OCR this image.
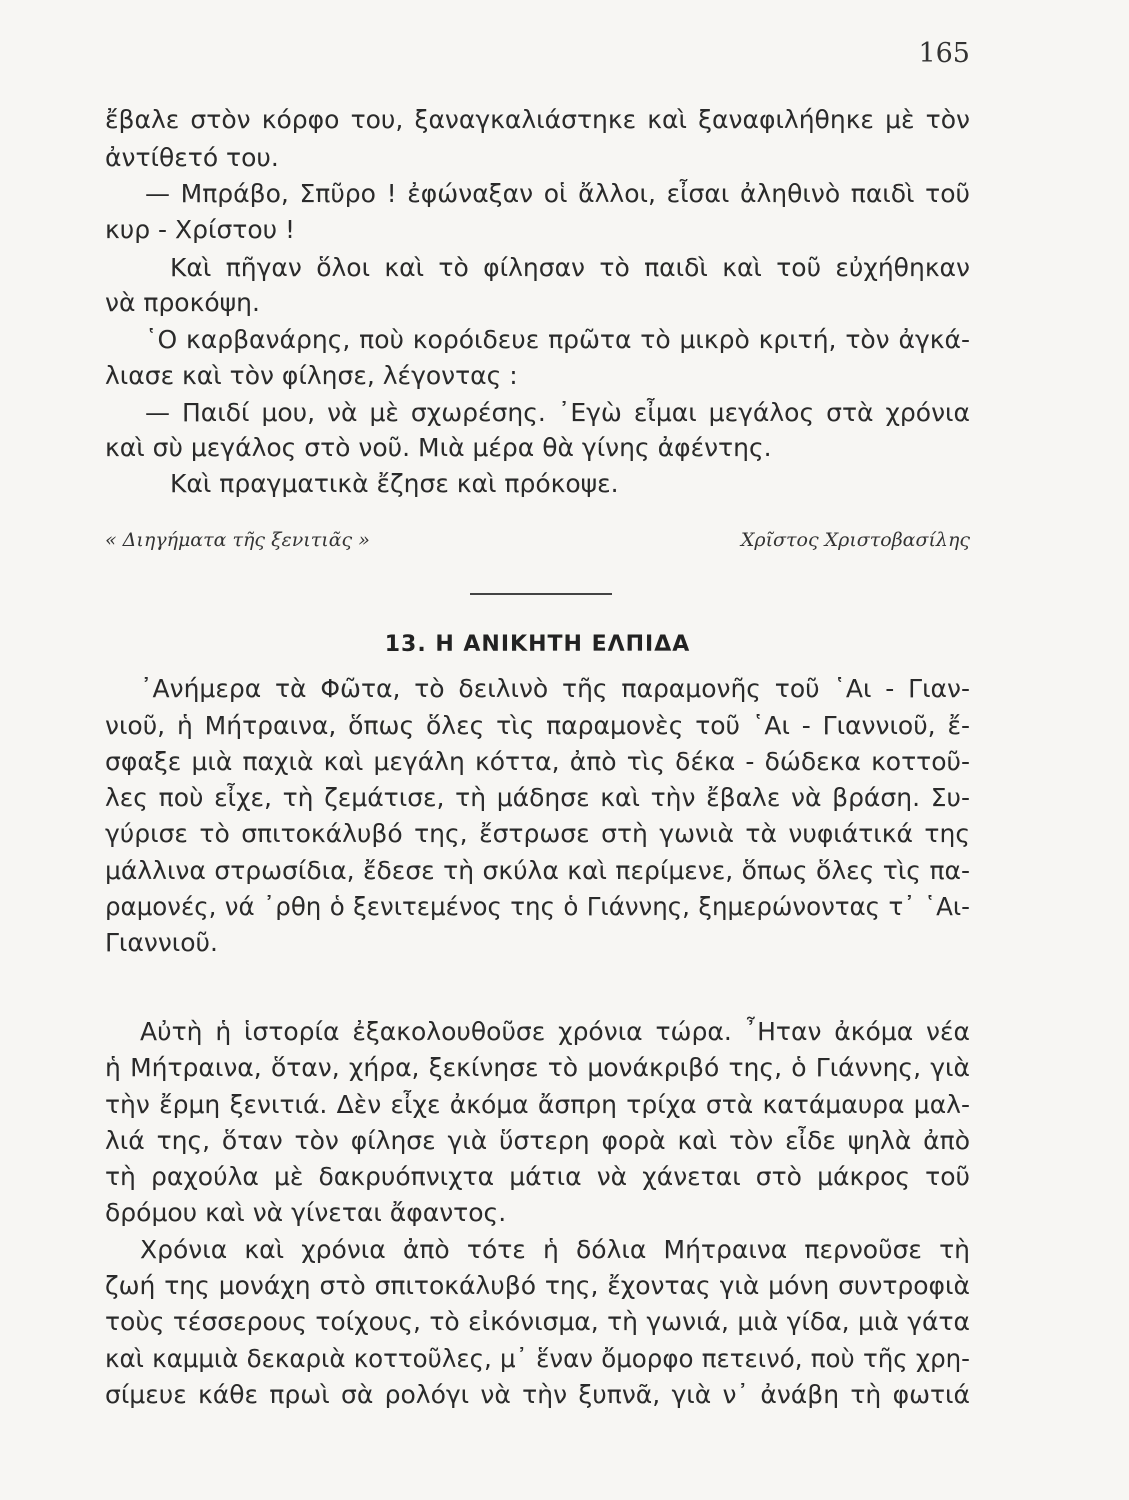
165
ἔβαλε στὸν κόρφο του, ξαναγκαλιάστηκε καὶ ξαναφιλήθηκε μὲ τὸν
ἀντίθετό του.
— Μπράβο, Σπῦρο ! ἐφώναξαν οἱ ἄλλοι, εἶσαι ἀληθινὸ παιδὶ τοῦ
κυρ - Χρίστου !
Καὶ πῆγαν ὅλοι καὶ τὸ φίλησαν τὸ παιδὶ καὶ τοῦ εὐχήθηκαν
νὰ προκόψη.
῾Ο καρβανάρης, ποὺ κορόιδευε πρῶτα τὸ μικρὸ κριτή, τὸν ἀγκά-
λιασε καὶ τὸν φίλησε, λέγοντας :
— Παιδί μου, νὰ μὲ σχωρέσης. ᾿Εγὼ εἶμαι μεγάλος στὰ χρόνια
καὶ σὺ μεγάλος στὸ νοῦ. Μιὰ μέρα θὰ γίνης ἀφέντης.
Καὶ πραγματικὰ ἔζησε καὶ πρόκοψε.
« Διηγήματα τῆς ξενιτιᾶς »	Χρῖστος Χριστοβασίλης
13. Η ΑΝΙΚΗΤΗ ΕΛΠΙΔΑ
᾿Ανήμερα τὰ Φῶτα, τὸ δειλινὸ τῆς παραμονῆς τοῦ ῾Αι - Γιαν-
νιοῦ, ἡ Μήτραινα, ὅπως ὅλες τὶς παραμονὲς τοῦ ῾Αι - Γιαννιοῦ, ἔ-
σφαξε μιὰ παχιὰ καὶ μεγάλη κόττα, ἀπὸ τὶς δέκα - δώδεκα κοττοῦ-
λες ποὺ εἶχε, τὴ ζεμάτισε, τὴ μάδησε καὶ τὴν ἔβαλε νὰ βράση. Συ-
γύρισε τὸ σπιτοκάλυβό της, ἔστρωσε στὴ γωνιὰ τὰ νυφιάτικά της
μάλλινα στρωσίδια, ἔδεσε τὴ σκύλα καὶ περίμενε, ὅπως ὅλες τὶς πα-
ραμονές, νά ᾿ρθη ὁ ξενιτεμένος της ὁ Γιάννης, ξημερώνοντας τ᾿ ῾Αι-
Γιαννιοῦ.
Αὐτὴ ἡ ἱστορία ἐξακολουθοῦσε χρόνια τώρα. ῏Ηταν ἀκόμα νέα
ἡ Μήτραινα, ὅταν, χήρα, ξεκίνησε τὸ μονάκριβό της, ὁ Γιάννης, γιὰ
τὴν ἔρμη ξενιτιά. Δὲν εἶχε ἀκόμα ἄσπρη τρίχα στὰ κατάμαυρα μαλ-
λιά της, ὅταν τὸν φίλησε γιὰ ὕστερη φορὰ καὶ τὸν εἶδε ψηλὰ ἀπὸ
τὴ ραχούλα μὲ δακρυόπνιχτα μάτια νὰ χάνεται στὸ μάκρος τοῦ
δρόμου καὶ νὰ γίνεται ἄφαντος.
Χρόνια καὶ χρόνια ἀπὸ τότε ἡ δόλια Μήτραινα περνοῦσε τὴ
ζωή της μονάχη στὸ σπιτοκάλυβό της, ἔχοντας γιὰ μόνη συντροφιὰ
τοὺς τέσσερους τοίχους, τὸ εἰκόνισμα, τὴ γωνιά, μιὰ γίδα, μιὰ γάτα
καὶ καμμιὰ δεκαριὰ κοττοῦλες, μ᾿ ἕναν ὄμορφο πετεινό, ποὺ τῆς χρη-
σίμευε κάθε πρωὶ σὰ ρολόγι νὰ τὴν ξυπνᾶ, γιὰ ν᾿ ἀνάβη τὴ φωτιά
